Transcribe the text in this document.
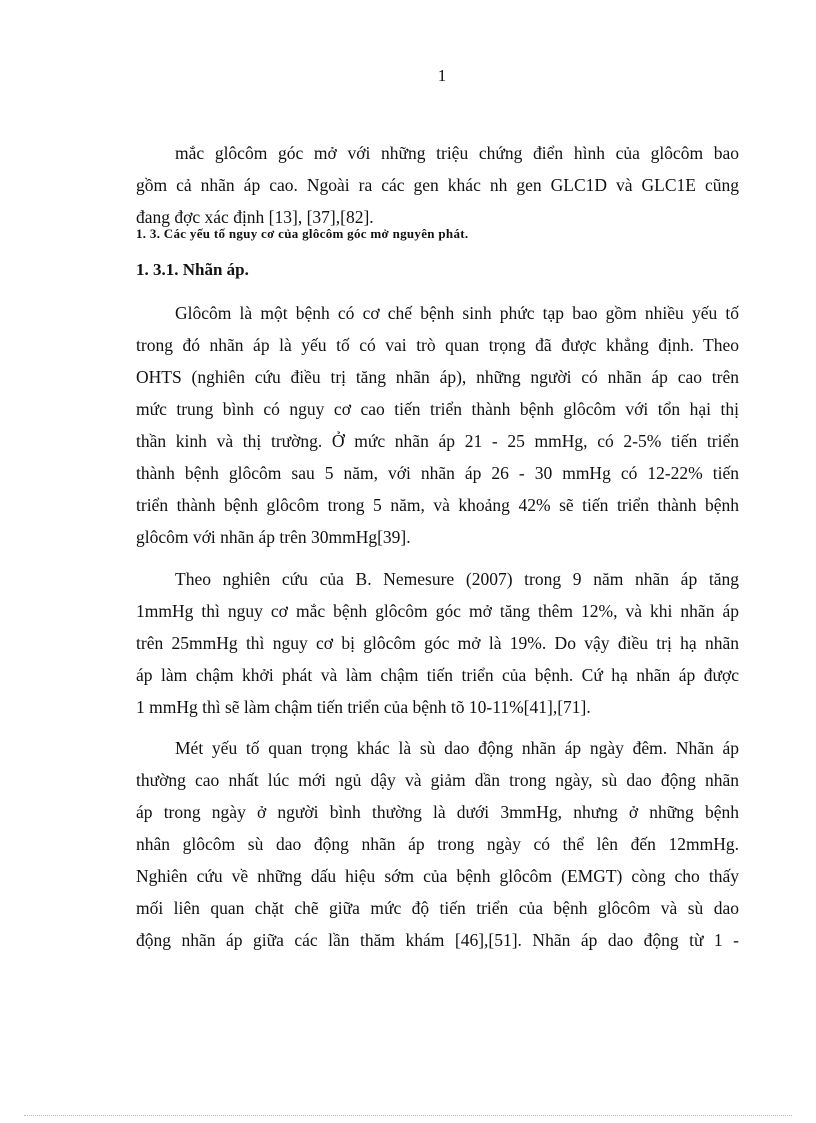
1
mắc glôcôm góc mở với những triệu chứng điển hình của glôcôm bao
gồm cả nhãn áp cao. Ngoài ra các gen khác nh gen GLC1D và GLC1E cũng
đang đợc xác định [13], [37],[82].
1. 3. Các yếu tố nguy cơ của glôcôm góc mở nguyên phát.
1. 3.1. Nhãn áp.
Glôcôm là một bệnh có cơ chế bệnh sinh phức tạp bao gồm nhiều yếu tố
trong đó nhãn áp là yếu tố có vai trò quan trọng đã được khẳng định. Theo
OHTS (nghiên cứu điều trị tăng nhãn áp), những người có nhãn áp cao trên
mức trung bình có nguy cơ cao tiến triển thành bệnh glôcôm với tổn hại thị
thần kinh và thị trường. Ở mức nhãn áp 21 - 25 mmHg, có 2-5% tiến triển
thành bệnh glôcôm sau 5 năm, với nhãn áp 26 - 30 mmHg có 12-22% tiến
triển thành bệnh glôcôm trong 5 năm, và khoảng 42% sẽ tiến triển thành bệnh
glôcôm với nhãn áp trên 30mmHg[39].
Theo nghiên cứu của B. Nemesure (2007) trong 9 năm nhãn áp tăng
1mmHg thì nguy cơ mắc bệnh glôcôm góc mở tăng thêm 12%, và khi nhãn áp
trên 25mmHg thì nguy cơ bị glôcôm góc mở là 19%. Do vậy điều trị hạ nhãn
áp làm chậm khởi phát và làm chậm tiến triển của bệnh. Cứ hạ nhãn áp được
1 mmHg thì sẽ làm chậm tiến triển của bệnh tõ 10-11%[41],[71].
Mét yếu tố quan trọng khác là sù dao động nhãn áp ngày đêm. Nhãn áp
thường cao nhất lúc mới ngủ dậy và giảm dần trong ngày, sù dao động nhãn
áp trong ngày ở người bình thường là dưới 3mmHg, nhưng ở những bệnh
nhân glôcôm sù dao động nhãn áp trong ngày có thể lên đến 12mmHg.
Nghiên cứu về những dấu hiệu sớm của bệnh glôcôm (EMGT) còng cho thấy
mối liên quan chặt chẽ giữa mức độ tiến triển của bệnh glôcôm và sù dao
động nhãn áp giữa các lần thăm khám [46],[51]. Nhãn áp dao động từ 1 -
